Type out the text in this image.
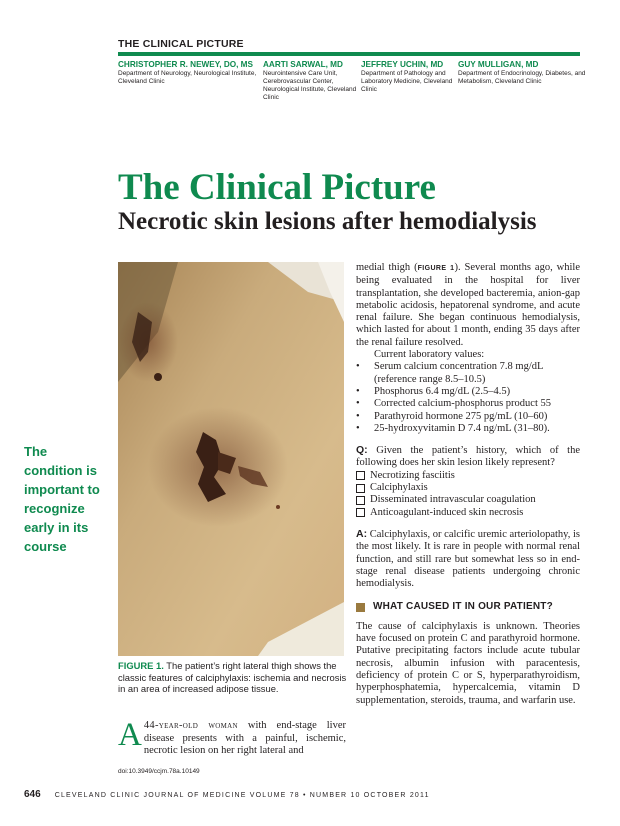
THE CLINICAL PICTURE
CHRISTOPHER R. NEWEY, DO, MS
Department of Neurology, Neurological Institute, Cleveland Clinic
AARTI SARWAL, MD
Neurointensive Care Unit, Cerebrovascular Center, Neurological Institute, Cleveland Clinic
JEFFREY UCHIN, MD
Department of Pathology and Laboratory Medicine, Cleveland Clinic
GUY MULLIGAN, MD
Department of Endocrinology, Diabetes, and Metabolism, Cleveland Clinic
The Clinical Picture
Necrotic skin lesions after hemodialysis
The condition is important to recognize early in its course
FIGURE 1. The patient’s right lateral thigh shows the classic features of calciphylaxis: ischemia and necrosis in an area of increased adipose tissue.
A 44-year-old woman with end-stage liver disease presents with a painful, ischemic, necrotic lesion on her right lateral and
doi:10.3949/ccjm.78a.10149

medial thigh (FIGURE 1). Several months ago, while being evaluated in the hospital for liver transplantation, she developed bacteremia, anion-gap metabolic acidosis, hepatorenal syndrome, and acute renal failure. She began continuous hemodialysis, which lasted for about 1 month, ending 35 days after the renal failure resolved.

Current laboratory values:

• Serum calcium concentration 7.8 mg/dL (reference range 8.5–10.5)
• Phosphorus 6.4 mg/dL (2.5–4.5)
• Corrected calcium-phosphorus product 55
• Parathyroid hormone 275 pg/mL (10–60)
• 25-hydroxyvitamin D 7.4 ng/mL (31–80).

Q: Given the patient’s history, which of the following does her skin lesion likely represent?

Necrotizing fasciitis
Calciphylaxis
Disseminated intravascular coagulation
Anticoagulant-induced skin necrosis

A: Calciphylaxis, or calcific uremic arteriolopathy, is the most likely. It is rare in people with normal renal function, and still rare but somewhat less so in end-stage renal disease patients undergoing chronic hemodialysis.

WHAT CAUSED IT IN OUR PATIENT?

The cause of calciphylaxis is unknown. Theories have focused on protein C and parathyroid hormone. Putative precipitating factors include acute tubular necrosis, albumin infusion with paracentesis, deficiency of protein C or S, hyperparathyroidism, hyperphosphatemia, hypercalcemia, vitamin D supplementation, steroids, trauma, and warfarin use.

646 CLEVELAND CLINIC JOURNAL OF MEDICINE VOLUME 78 • NUMBER 10 OCTOBER 2011
